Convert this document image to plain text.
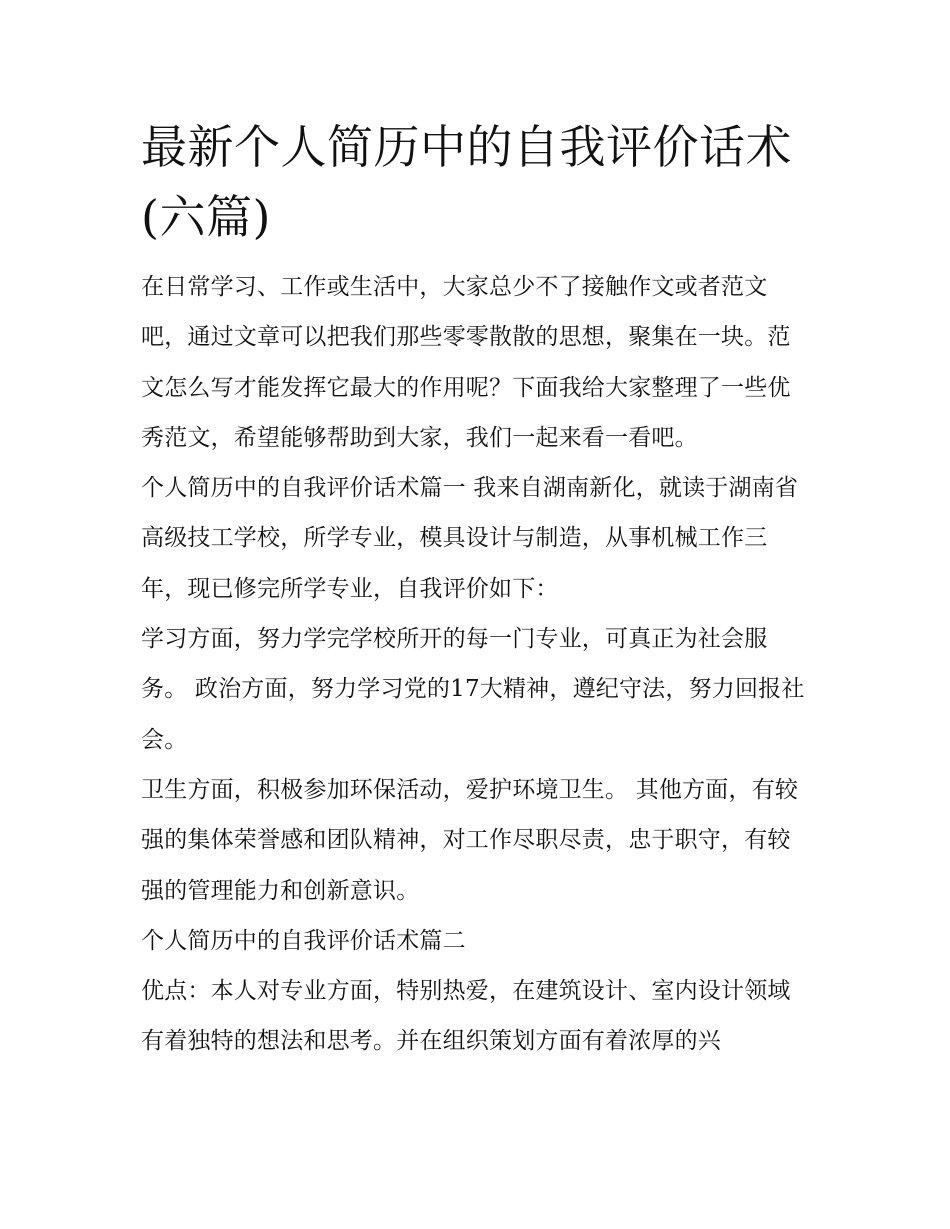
最新个人简历中的自我评价话术(六篇)

在日常学习、工作或生活中，大家总少不了接触作文或者范文吧，通过文章可以把我们那些零零散散的思想，聚集在一块。范文怎么写才能发挥它最大的作用呢？下面我给大家整理了一些优秀范文，希望能够帮助到大家，我们一起来看一看吧。

个人简历中的自我评价话术篇一 我来自湖南新化，就读于湖南省高级技工学校，所学专业，模具设计与制造，从事机械工作三年，现已修完所学专业，自我评价如下：

学习方面，努力学完学校所开的每一门专业，可真正为社会服务。 政治方面，努力学习党的17大精神，遵纪守法，努力回报社会。

卫生方面，积极参加环保活动，爱护环境卫生。 其他方面，有较强的集体荣誉感和团队精神，对工作尽职尽责，忠于职守，有较强的管理能力和创新意识。

个人简历中的自我评价话术篇二

优点：本人对专业方面，特别热爱，在建筑设计、室内设计领域有着独特的想法和思考。并在组织策划方面有着浓厚的兴
